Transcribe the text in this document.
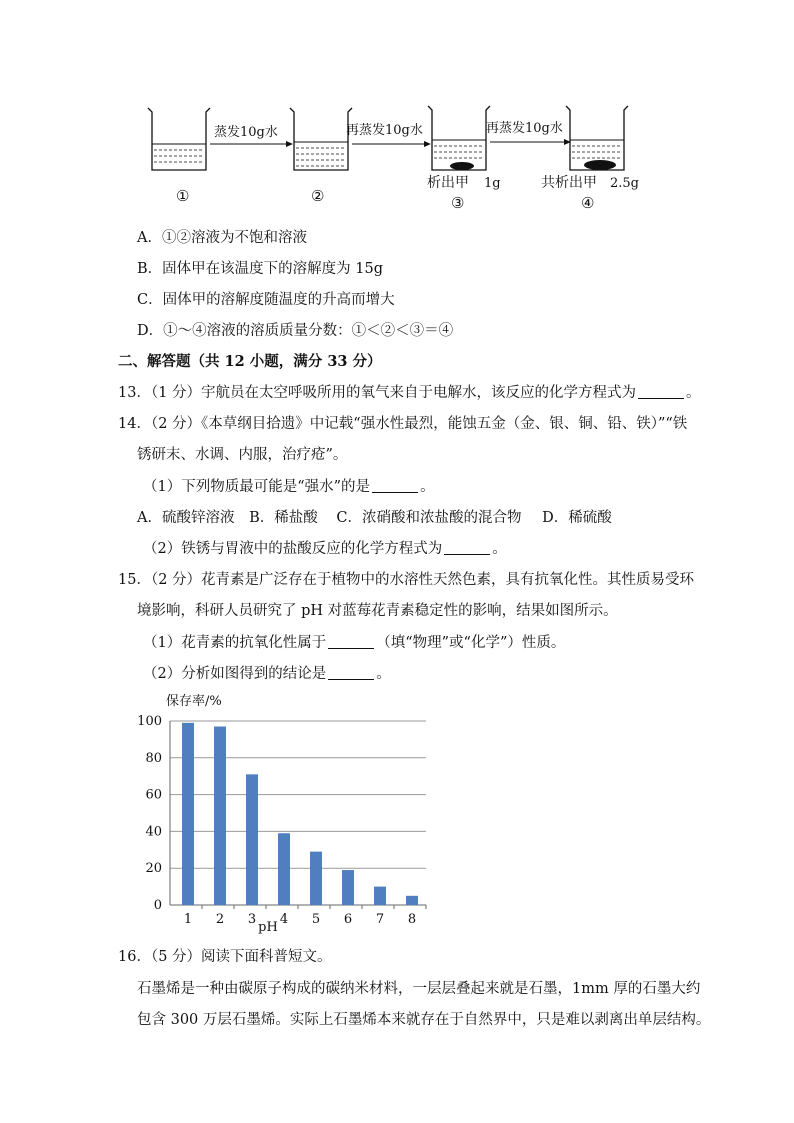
蒸发10g水	再蒸发10g水	再蒸发10g水
①	②
析出甲 1g
③
共析出甲 2.5g
④
A．①②溶液为不饱和溶液
B．固体甲在该温度下的溶解度为 15g
C．固体甲的溶解度随温度的升高而增大
D．①～④溶液的溶质质量分数：①＜②＜③＝④
二、解答题（共 12 小题，满分 33 分）
13．（1 分）宇航员在太空呼吸所用的氧气来自于电解水，该反应的化学方程式为	。
14．（2 分）《本草纲目拾遗》中记载“强水性最烈，能蚀五金（金、银、铜、铅、铁）”“铁
锈研末、水调、内服，治疗疮”。
（1）下列物质最可能是“强水”的是	。
A．硫酸锌溶液 B．稀盐酸 C．浓硝酸和浓盐酸的混合物 D．稀硫酸
（2）铁锈与胃液中的盐酸反应的化学方程式为	。
15．（2 分）花青素是广泛存在于植物中的水溶性天然色素，具有抗氧化性。其性质易受环
境影响，科研人员研究了 pH 对蓝莓花青素稳定性的影响，结果如图所示。
（1）花青素的抗氧化性属于	（填“物理”或“化学”）性质。
（2）分析如图得到的结论是	。
保存率/%
0
20
40
60
80
100
1 2 3 4 5 6 7 8
pH
16．（5 分）阅读下面科普短文。
石墨烯是一种由碳原子构成的碳纳米材料，一层层叠起来就是石墨，1mm 厚的石墨大约
包含 300 万层石墨烯。实际上石墨烯本来就存在于自然界中，只是难以剥离出单层结构。
